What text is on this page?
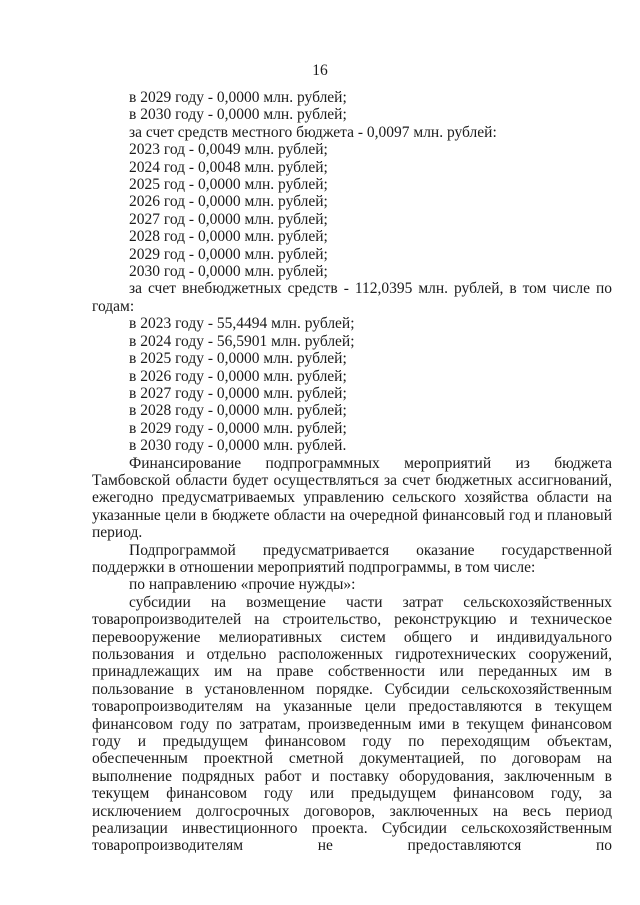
16
в 2029 году - 0,0000 млн. рублей;
в 2030 году - 0,0000 млн. рублей;
за счет средств местного бюджета - 0,0097 млн. рублей:
2023 год - 0,0049 млн. рублей;
2024 год - 0,0048 млн. рублей;
2025 год - 0,0000 млн. рублей;
2026 год - 0,0000 млн. рублей;
2027 год - 0,0000 млн. рублей;
2028 год - 0,0000 млн. рублей;
2029 год - 0,0000 млн. рублей;
2030 год - 0,0000 млн. рублей;

за счет внебюджетных средств - 112,0395 млн. рублей, в том числе по годам:

в 2023 году - 55,4494 млн. рублей;
в 2024 году - 56,5901 млн. рублей;
в 2025 году - 0,0000 млн. рублей;
в 2026 году - 0,0000 млн. рублей;
в 2027 году - 0,0000 млн. рублей;
в 2028 году - 0,0000 млн. рублей;
в 2029 году - 0,0000 млн. рублей;
в 2030 году - 0,0000 млн. рублей.

Финансирование подпрограммных мероприятий из бюджета Тамбовской области будет осуществляться за счет бюджетных ассигнований, ежегодно предусматриваемых управлению сельского хозяйства области на указанные цели в бюджете области на очередной финансовый год и плановый период.

Подпрограммой предусматривается оказание государственной поддержки в отношении мероприятий подпрограммы, в том числе:

по направлению «прочие нужды»:

субсидии на возмещение части затрат сельскохозяйственных товаропроизводителей на строительство, реконструкцию и техническое перевооружение мелиоративных систем общего и индивидуального пользования и отдельно расположенных гидротехнических сооружений, принадлежащих им на праве собственности или переданных им в пользование в установленном порядке. Субсидии сельскохозяйственным товаропроизводителям на указанные цели предоставляются в текущем финансовом году по затратам, произведенным ими в текущем финансовом году и предыдущем финансовом году по переходящим объектам, обеспеченным проектной сметной документацией, по договорам на выполнение подрядных работ и поставку оборудования, заключенным в текущем финансовом году или предыдущем финансовом году, за исключением долгосрочных договоров, заключенных на весь период реализации инвестиционного проекта. Субсидии сельскохозяйственным товаропроизводителям не предоставляются по
